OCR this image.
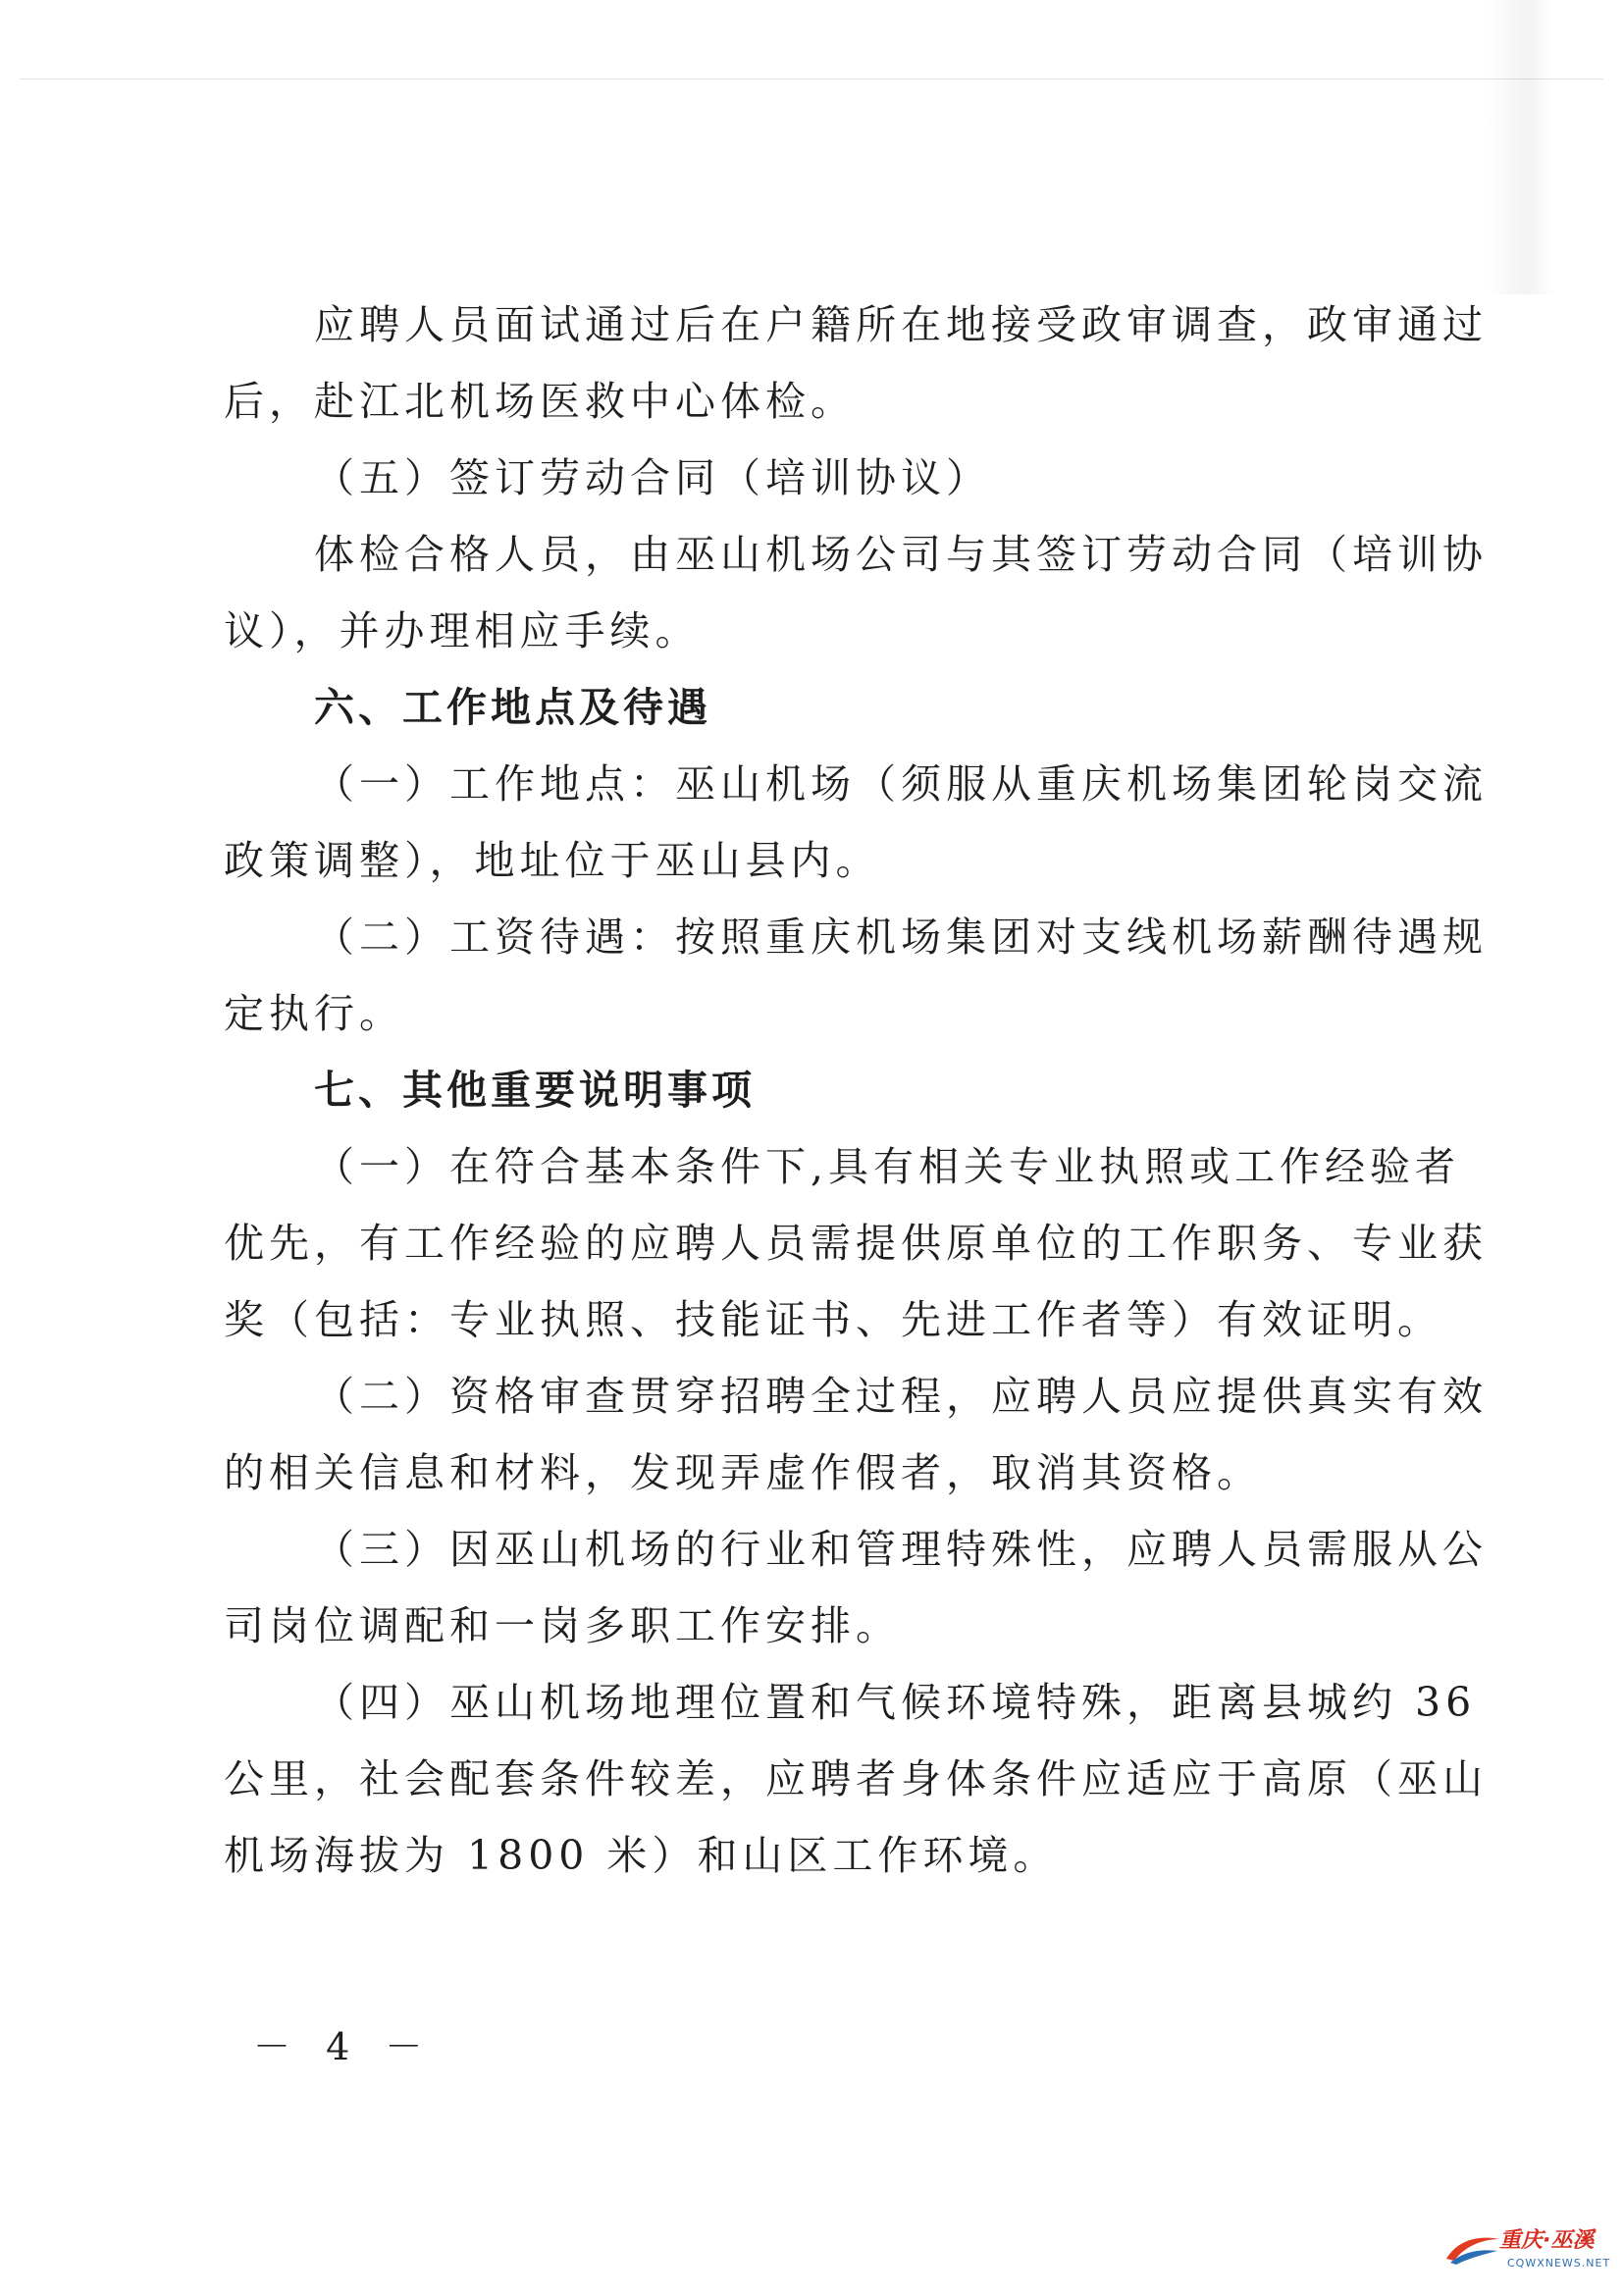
应聘人员面试通过后在户籍所在地接受政审调查，政审通过
后，赴江北机场医救中心体检。
（五）签订劳动合同（培训协议）
体检合格人员，由巫山机场公司与其签订劳动合同（培训协
议），并办理相应手续。
六、工作地点及待遇
（一）工作地点：巫山机场（须服从重庆机场集团轮岗交流
政策调整），地址位于巫山县内。
（二）工资待遇：按照重庆机场集团对支线机场薪酬待遇规
定执行。
七、其他重要说明事项
（一）在符合基本条件下,具有相关专业执照或工作经验者
优先，有工作经验的应聘人员需提供原单位的工作职务、专业获
奖（包括：专业执照、技能证书、先进工作者等）有效证明。
（二）资格审查贯穿招聘全过程，应聘人员应提供真实有效
的相关信息和材料，发现弄虚作假者，取消其资格。
（三）因巫山机场的行业和管理特殊性，应聘人员需服从公
司岗位调配和一岗多职工作安排。
（四）巫山机场地理位置和气候环境特殊，距离县城约 36
公里，社会配套条件较差，应聘者身体条件应适应于高原（巫山
机场海拔为 1800 米）和山区工作环境。
－ 4 －
重庆·巫溪
CQWXNEWS.NET
